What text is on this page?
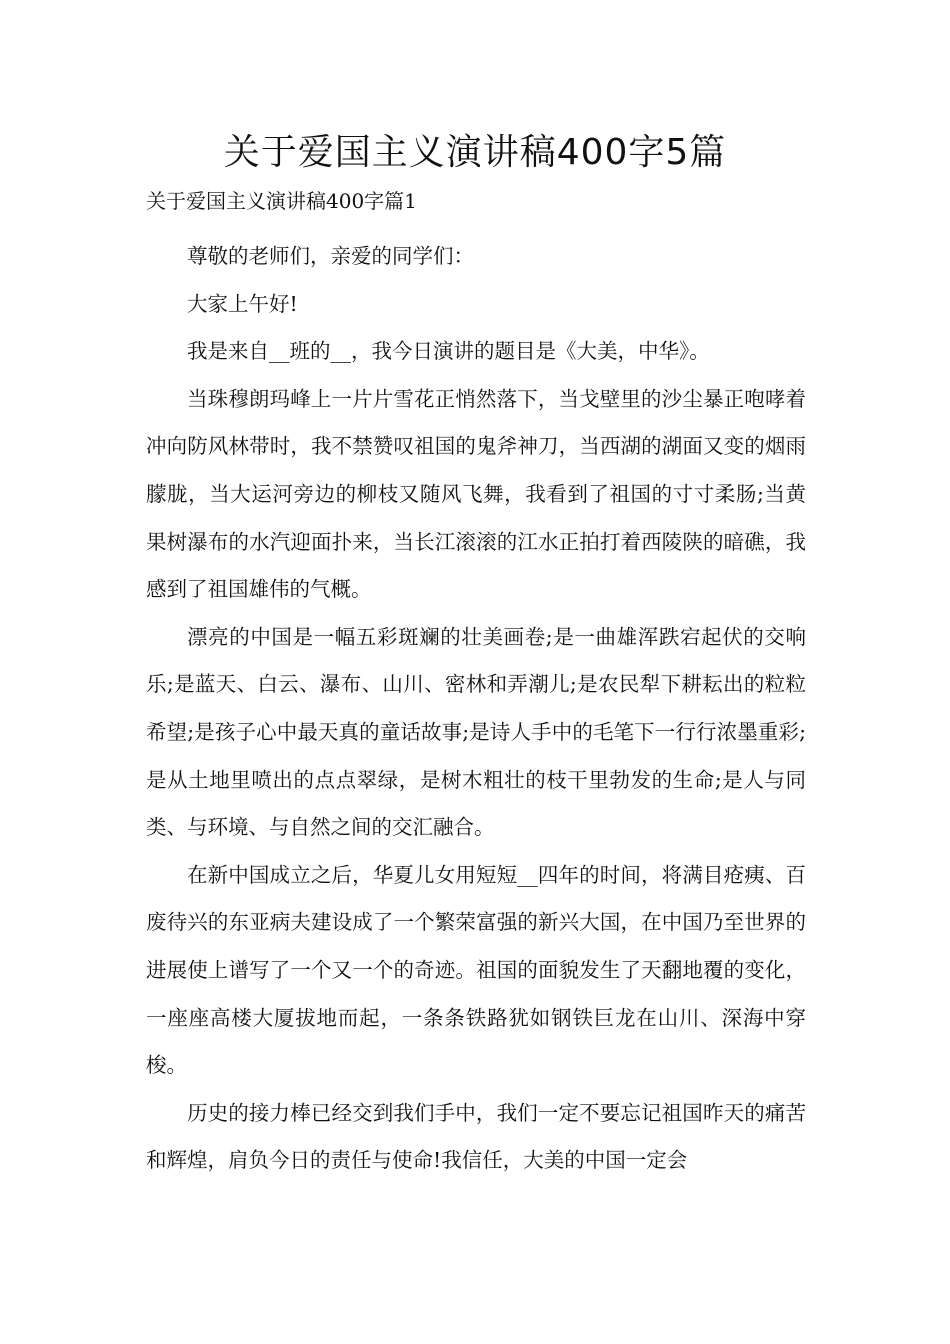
关于爱国主义演讲稿400字5篇
关于爱国主义演讲稿400字篇1

尊敬的老师们，亲爱的同学们：

大家上午好!

我是来自__班的__，我今日演讲的题目是《大美，中华》。

当珠穆朗玛峰上一片片雪花正悄然落下，当戈壁里的沙尘暴正咆哮着冲向防风林带时，我不禁赞叹祖国的鬼斧神刀，当西湖的湖面又变的烟雨朦胧，当大运河旁边的柳枝又随风飞舞，我看到了祖国的寸寸柔肠;当黄果树瀑布的水汽迎面扑来，当长江滚滚的江水正拍打着西陵陕的暗礁，我感到了祖国雄伟的气概。

漂亮的中国是一幅五彩斑斓的壮美画卷;是一曲雄浑跌宕起伏的交响乐;是蓝天、白云、瀑布、山川、密林和弄潮儿;是农民犁下耕耘出的粒粒希望;是孩子心中最天真的童话故事;是诗人手中的毛笔下一行行浓墨重彩;是从土地里喷出的点点翠绿，是树木粗壮的枝干里勃发的生命;是人与同类、与环境、与自然之间的交汇融合。

在新中国成立之后，华夏儿女用短短__四年的时间，将满目疮痍、百废待兴的东亚病夫建设成了一个繁荣富强的新兴大国，在中国乃至世界的进展使上谱写了一个又一个的奇迹。祖国的面貌发生了天翻地覆的变化，一座座高楼大厦拔地而起，一条条铁路犹如钢铁巨龙在山川、深海中穿梭。

历史的接力棒已经交到我们手中，我们一定不要忘记祖国昨天的痛苦和辉煌，肩负今日的责任与使命!我信任，大美的中国一定会
